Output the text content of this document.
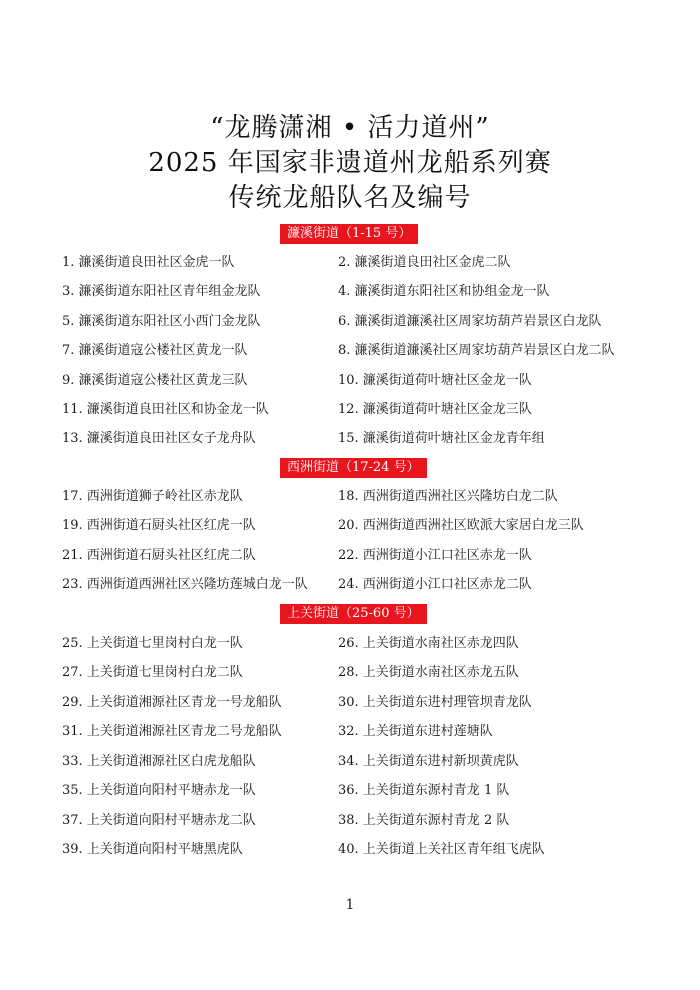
“龙腾潇湘 • 活力道州”
2025 年国家非遗道州龙船系列赛
传统龙船队名及编号
濂溪街道（1-15 号）
1. 濂溪街道良田社区金虎一队	2. 濂溪街道良田社区金虎二队
3. 濂溪街道东阳社区青年组金龙队	4. 濂溪街道东阳社区和协组金龙一队
5. 濂溪街道东阳社区小西门金龙队	6. 濂溪街道濂溪社区周家坊葫芦岩景区白龙队
7. 濂溪街道寇公楼社区黄龙一队	8. 濂溪街道濂溪社区周家坊葫芦岩景区白龙二队
9. 濂溪街道寇公楼社区黄龙三队	10. 濂溪街道荷叶塘社区金龙一队
11. 濂溪街道良田社区和协金龙一队	12. 濂溪街道荷叶塘社区金龙三队
13. 濂溪街道良田社区女子龙舟队	15. 濂溪街道荷叶塘社区金龙青年组
西洲街道（17-24 号）
17. 西洲街道狮子岭社区赤龙队	18. 西洲街道西洲社区兴隆坊白龙二队
19. 西洲街道石厨头社区红虎一队	20. 西洲街道西洲社区欧派大家居白龙三队
21. 西洲街道石厨头社区红虎二队	22. 西洲街道小江口社区赤龙一队
23. 西洲街道西洲社区兴隆坊莲城白龙一队 24. 西洲街道小江口社区赤龙二队
上关街道（25-60 号）
25. 上关街道七里岗村白龙一队	26. 上关街道水南社区赤龙四队
27. 上关街道七里岗村白龙二队	28. 上关街道水南社区赤龙五队
29. 上关街道湘源社区青龙一号龙船队	30. 上关街道东进村理管坝青龙队
31. 上关街道湘源社区青龙二号龙船队	32. 上关街道东进村莲塘队
33. 上关街道湘源社区白虎龙船队	34. 上关街道东进村新坝黄虎队
35. 上关街道向阳村平塘赤龙一队	36. 上关街道东源村青龙 1 队
37. 上关街道向阳村平塘赤龙二队	38. 上关街道东源村青龙 2 队
39. 上关街道向阳村平塘黑虎队	40. 上关街道上关社区青年组飞虎队
1
